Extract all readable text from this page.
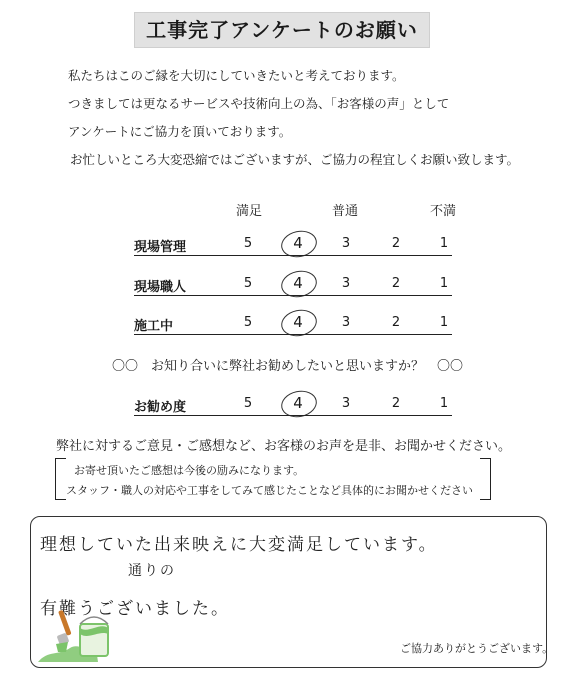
工事完了アンケートのお願い
私たちはこのご縁を大切にしていきたいと考えております。
つきましては更なるサービスや技術向上の為、「お客様の声」として
アンケートにご協力を頂いております。
お忙しいところ大変恐縮ではございますが、ご協力の程宜しくお願い致します。
満足	普通	不満
現場管理	5	4	3	2	1
現場職人	5	4	3	2	1
施工中	5	4	3	2	1
〇〇　お知り合いに弊社お勧めしたいと思いますか？　〇〇
お勧め度	5	4	3	2	1
弊社に対するご意見・ご感想など、お客様のお声を是非、お聞かせください。
お寄せ頂いたご感想は今後の励みになります。
スタッフ・職人の対応や工事をしてみて感じたことなど具体的にお聞かせください
理想していた出来映えに大変満足しています。
通りの
有難うございました。
ご協力ありがとうございます。
